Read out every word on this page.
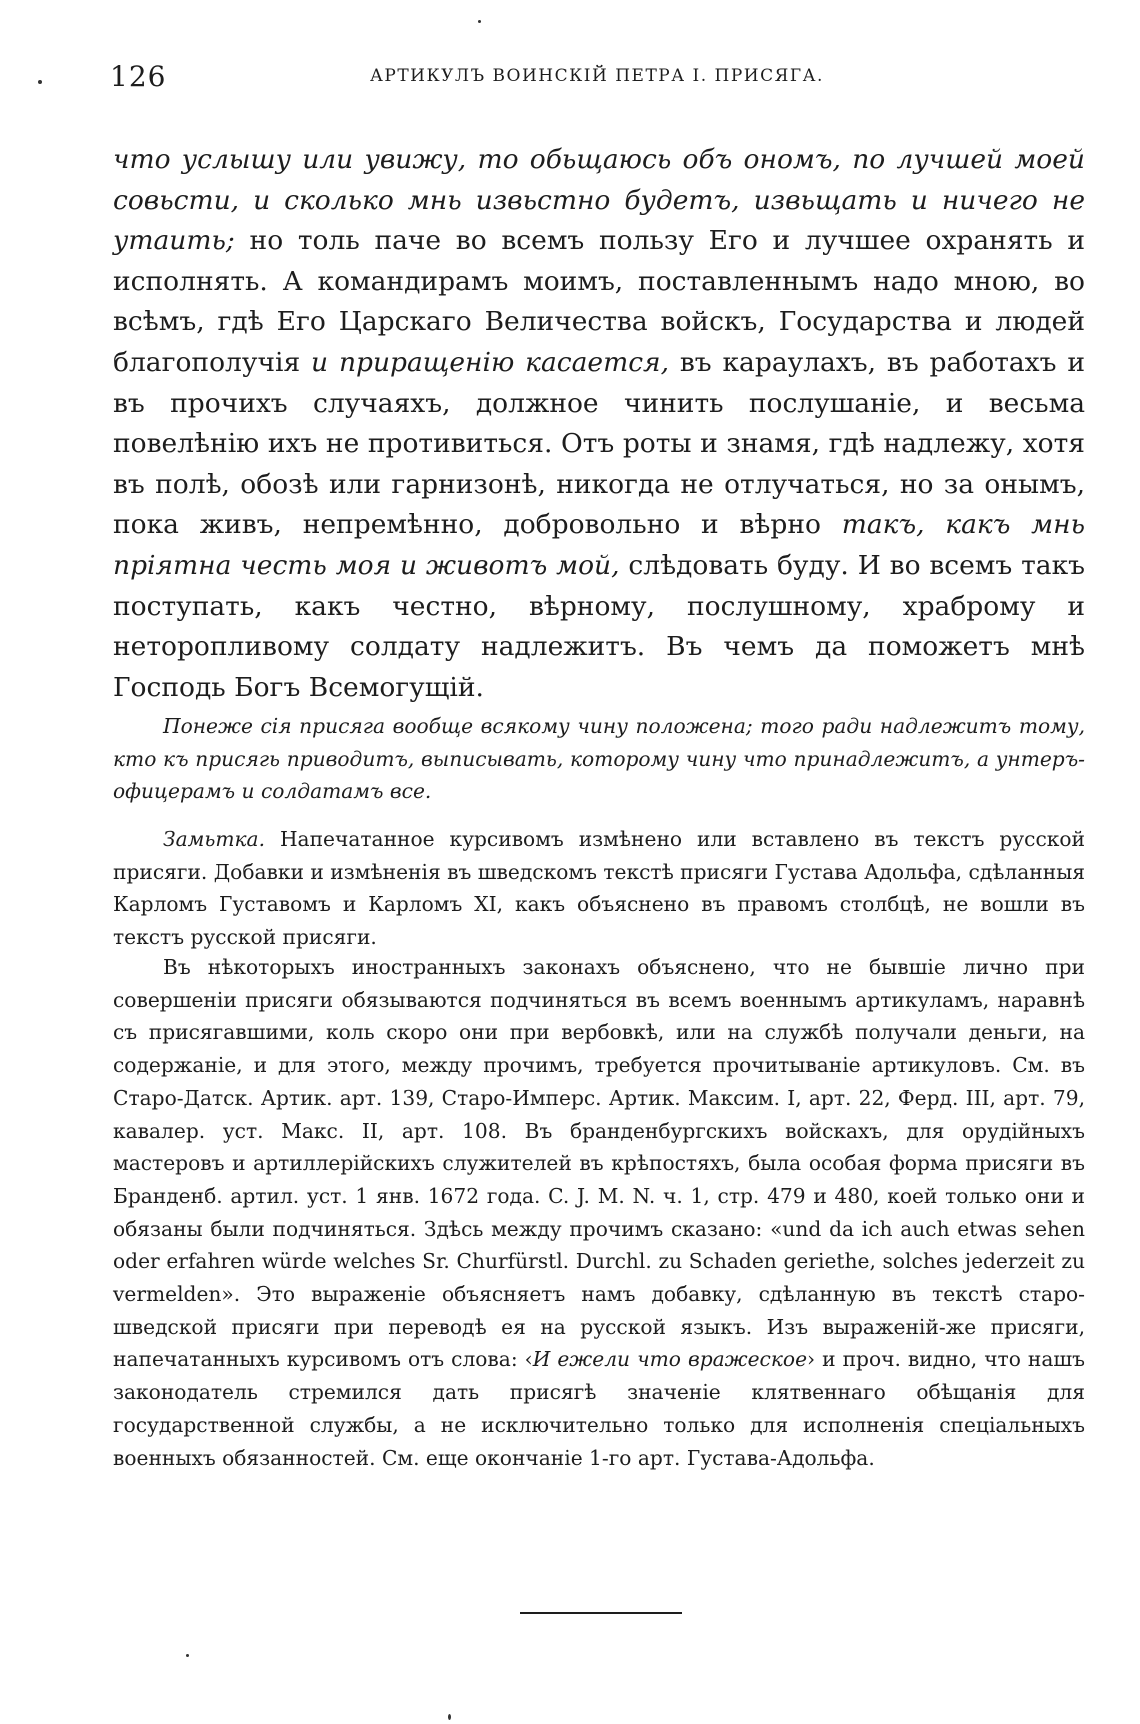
126	АРТИКУЛЪ ВОИНСКІЙ ПЕТРА I. ПРИСЯГА.

что услышу или увижу, то обьщаюсь объ ономъ, по лучшей моей совьсти, и сколько мнь извьстно будетъ, извьщать и ничего не утаить; но толь паче во всемъ пользу Его и лучшее охранять и исполнять. А командирамъ моимъ, поставленнымъ надо мною, во всѣмъ, гдѣ Его Царскаго Величества войскъ, Государства и людей благополучія и приращенію касается, въ караулахъ, въ работахъ и въ прочихъ случаяхъ, должное чинить послушаніе, и весьма повелѣнію ихъ не противиться. Отъ роты и знамя, гдѣ надлежу, хотя въ полѣ, обозѣ или гарнизонѣ, никогда не отлучаться, но за онымъ, пока живъ, непремѣнно, добровольно и вѣрно такъ, какъ мнь пріятна честь моя и животъ мой, слѣдовать буду. И во всемъ такъ поступать, какъ честно, вѣрному, послушному, храброму и неторопливому солдату надлежитъ. Въ чемъ да поможетъ мнѣ Господь Богъ Всемогущій.

Понеже сія присяга вообще всякому чину положена; того ради надлежитъ тому, кто къ присягь приводитъ, выписывать, которому чину что принадлежитъ, а унтеръ-офицерамъ и солдатамъ все.

Замьтка. Напечатанное курсивомъ измѣнено или вставлено въ текстъ русской присяги. Добавки и измѣненія въ шведскомъ текстѣ присяги Густава Адольфа, сдѣланныя Карломъ Густавомъ и Карломъ XI, какъ объяснено въ правомъ столбцѣ, не вошли въ текстъ русской присяги.

Въ нѣкоторыхъ иностранныхъ законахъ объяснено, что не бывшіе лично при совершеніи присяги обязываются подчиняться въ всемъ военнымъ артикуламъ, наравнѣ съ присягавшими, коль скоро они при вербовкѣ, или на службѣ получали деньги, на содержаніе, и для этого, между прочимъ, требуется прочитываніе артикуловъ. См. въ Старо-Датск. Артик. арт. 139, Старо-Имперс. Артик. Максим. I, арт. 22, Ферд. III, арт. 79, кавалер. уст. Макс. II, арт. 108. Въ бранденбургскихъ войскахъ, для орудійныхъ мастеровъ и артиллерійскихъ служителей въ крѣпостяхъ, была особая форма присяги въ Бранденб. артил. уст. 1 янв. 1672 года. C. J. M. N. ч. 1, стр. 479 и 480, коей только они и обязаны были подчиняться. Здѣсь между прочимъ сказано: «und da ich auch etwas sehen oder erfahren würde welches Sr. Churfürstl. Durchl. zu Schaden geriethe, solches jederzeit zu vermelden». Это выраженіе объясняетъ намъ добавку, сдѣланную въ текстѣ старо-шведской присяги при переводѣ ея на русской языкъ. Изъ выраженій-же присяги, напечатанныхъ курсивомъ отъ слова: ‹И ежели что вражеское› и проч. видно, что нашъ законодатель стремился дать присягѣ значеніе клятвеннаго обѣщанія для государственной службы, а не исключительно только для исполненія спеціальныхъ военныхъ обязанностей. См. еще окончаніе 1-го арт. Густава-Адольфа.
